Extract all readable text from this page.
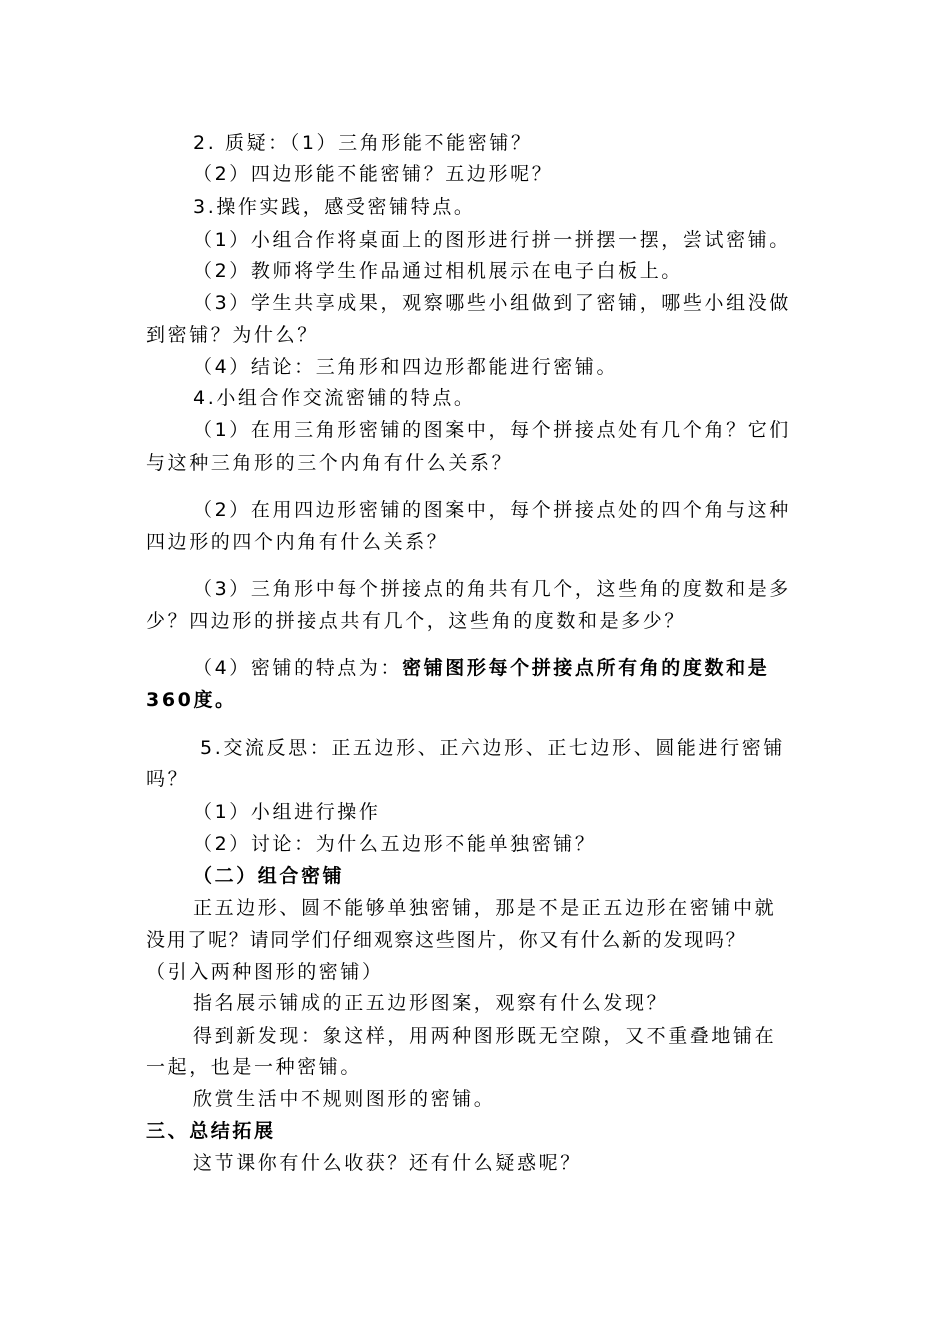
2. 质疑：（1）三角形能不能密铺？

（2）四边形能不能密铺？五边形呢？

3.操作实践，感受密铺特点。

（1）小组合作将桌面上的图形进行拼一拼摆一摆，尝试密铺。

（2）教师将学生作品通过相机展示在电子白板上。

（3）学生共享成果，观察哪些小组做到了密铺，哪些小组没做

到密铺？为什么？

（4）结论：三角形和四边形都能进行密铺。

4.小组合作交流密铺的特点。

（1）在用三角形密铺的图案中，每个拼接点处有几个角？它们

与这种三角形的三个内角有什么关系？

（2）在用四边形密铺的图案中，每个拼接点处的四个角与这种

四边形的四个内角有什么关系？

（3）三角形中每个拼接点的角共有几个，这些角的度数和是多

少？四边形的拼接点共有几个，这些角的度数和是多少？

（4）密铺的特点为：密铺图形每个拼接点所有角的度数和是

360度。

5.交流反思：正五边形、正六边形、正七边形、圆能进行密铺

吗？

（1）小组进行操作

（2）讨论：为什么五边形不能单独密铺？

（二）组合密铺

正五边形、圆不能够单独密铺，那是不是正五边形在密铺中就

没用了呢？请同学们仔细观察这些图片，你又有什么新的发现吗？

（引入两种图形的密铺）

指名展示铺成的正五边形图案，观察有什么发现？

得到新发现：象这样，用两种图形既无空隙，又不重叠地铺在

一起，也是一种密铺。

欣赏生活中不规则图形的密铺。

三、总结拓展

这节课你有什么收获？还有什么疑惑呢？
